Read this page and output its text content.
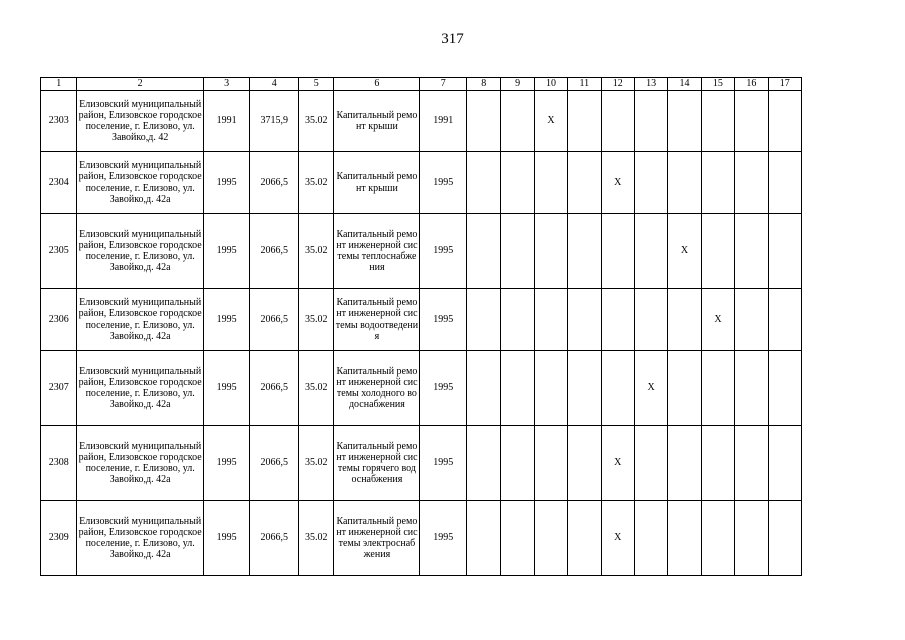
317
1	2	3	4	5	6	7	8	9	10	11	12	13	14	15	16	17

2303	Елизовский муниципальный район, Елизовское городское поселение, г. Елизово, ул. Завойко,д. 42	1991	3715,9	35.02	Капитальный ремонт крыши	1991			Х							

2304	Елизовский муниципальный район, Елизовское городское поселение, г. Елизово, ул. Завойко,д. 42а	1995	2066,5	35.02	Капитальный ремонт крыши	1995					Х					

2305	Елизовский муниципальный район, Елизовское городское поселение, г. Елизово, ул. Завойко,д. 42а	1995	2066,5	35.02	Капитальный ремонт инженерной системы теплоснабжения	1995							Х			

2306	Елизовский муниципальный район, Елизовское городское поселение, г. Елизово, ул. Завойко,д. 42а	1995	2066,5	35.02	Капитальный ремонт инженерной системы водоотведения	1995								Х		

2307	Елизовский муниципальный район, Елизовское городское поселение, г. Елизово, ул. Завойко,д. 42а	1995	2066,5	35.02	Капитальный ремонт инженерной системы холодного водоснабжения	1995						Х				

2308	Елизовский муниципальный район, Елизовское городское поселение, г. Елизово, ул. Завойко,д. 42а	1995	2066,5	35.02	Капитальный ремонт инженерной системы горячего водоснабжения	1995					Х					

2309	Елизовский муниципальный район, Елизовское городское поселение, г. Елизово, ул. Завойко,д. 42а	1995	2066,5	35.02	Капитальный ремонт инженерной системы электроснабжения	1995					Х					
